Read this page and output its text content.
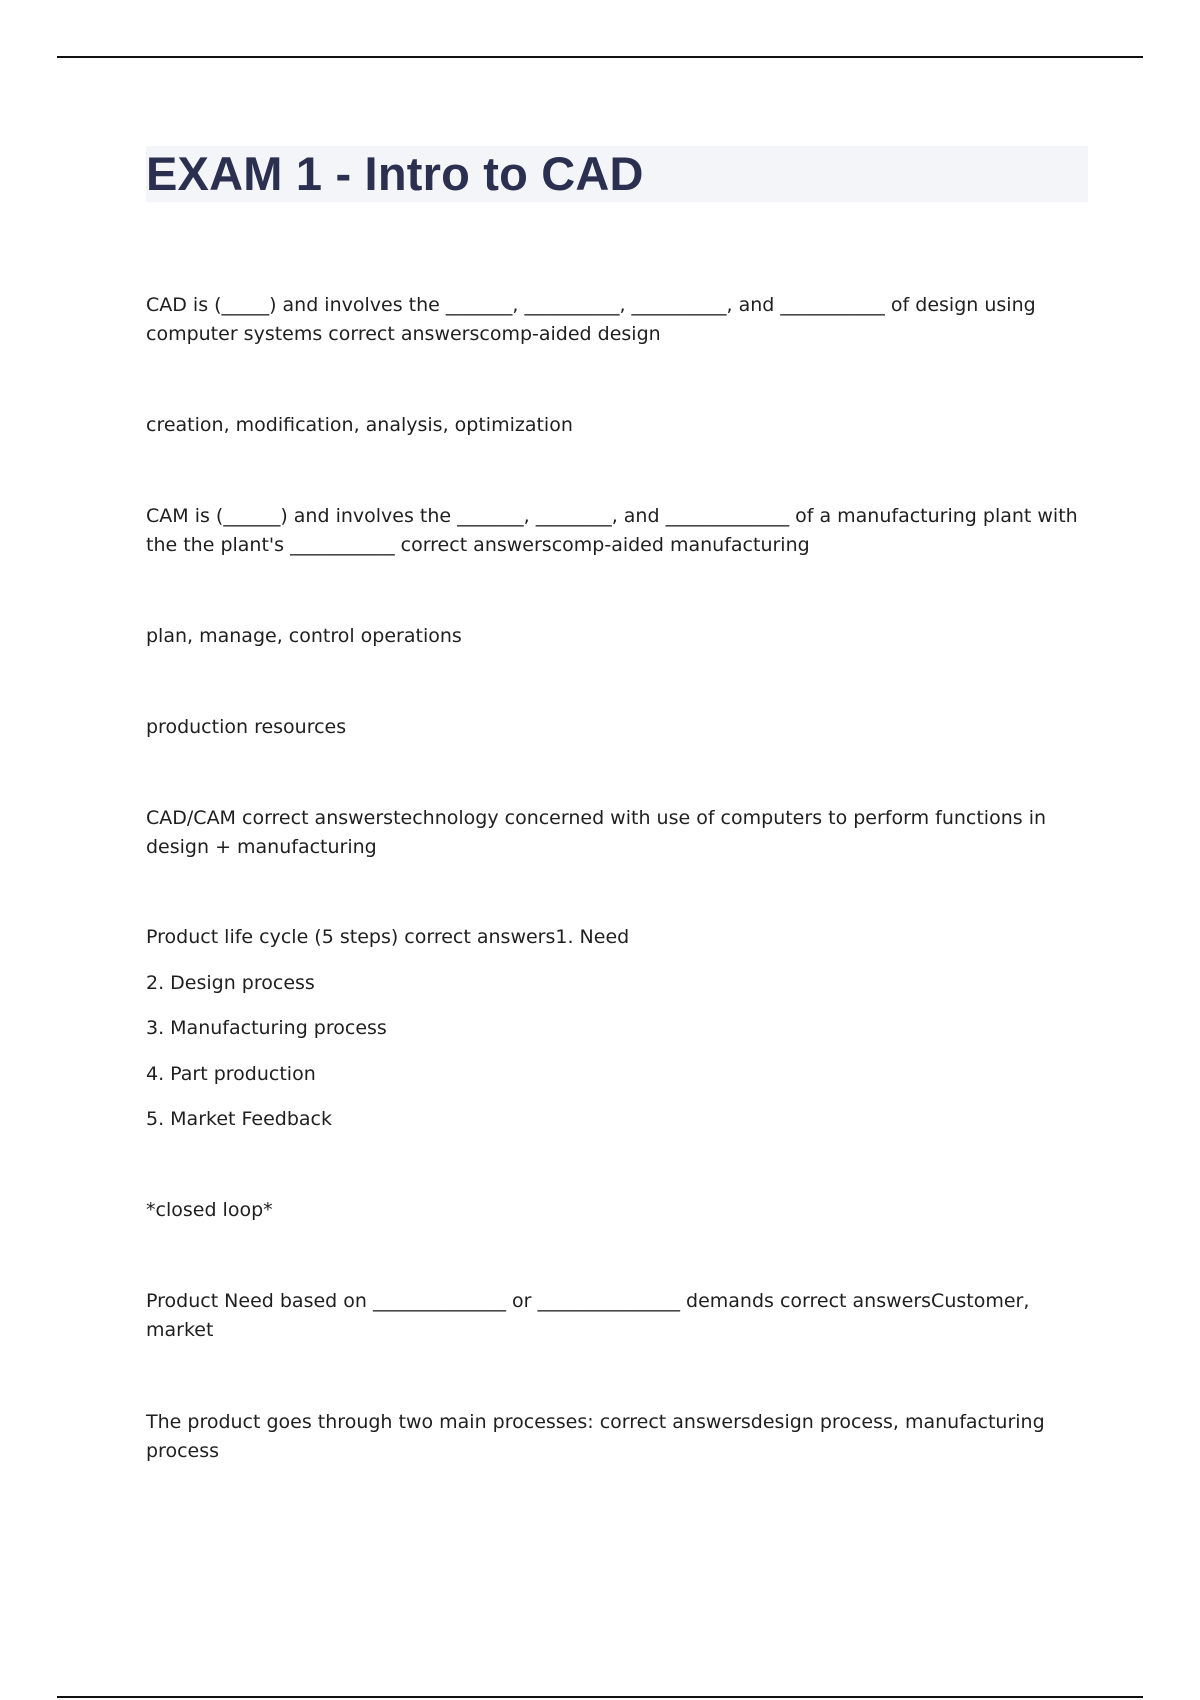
EXAM 1 - Intro to CAD

CAD is (_____) and involves the _______, __________, __________, and ___________ of design using computer systems correct answerscomp-aided design

creation, modification, analysis, optimization

CAM is (______) and involves the _______, ________, and _____________ of a manufacturing plant with the the plant's ___________ correct answerscomp-aided manufacturing

plan, manage, control operations

production resources

CAD/CAM correct answerstechnology concerned with use of computers to perform functions in design + manufacturing

Product life cycle (5 steps) correct answers1. Need

2. Design process

3. Manufacturing process

4. Part production

5. Market Feedback

*closed loop*

Product Need based on ______________ or _______________ demands correct answersCustomer, market

The product goes through two main processes: correct answersdesign process, manufacturing process
